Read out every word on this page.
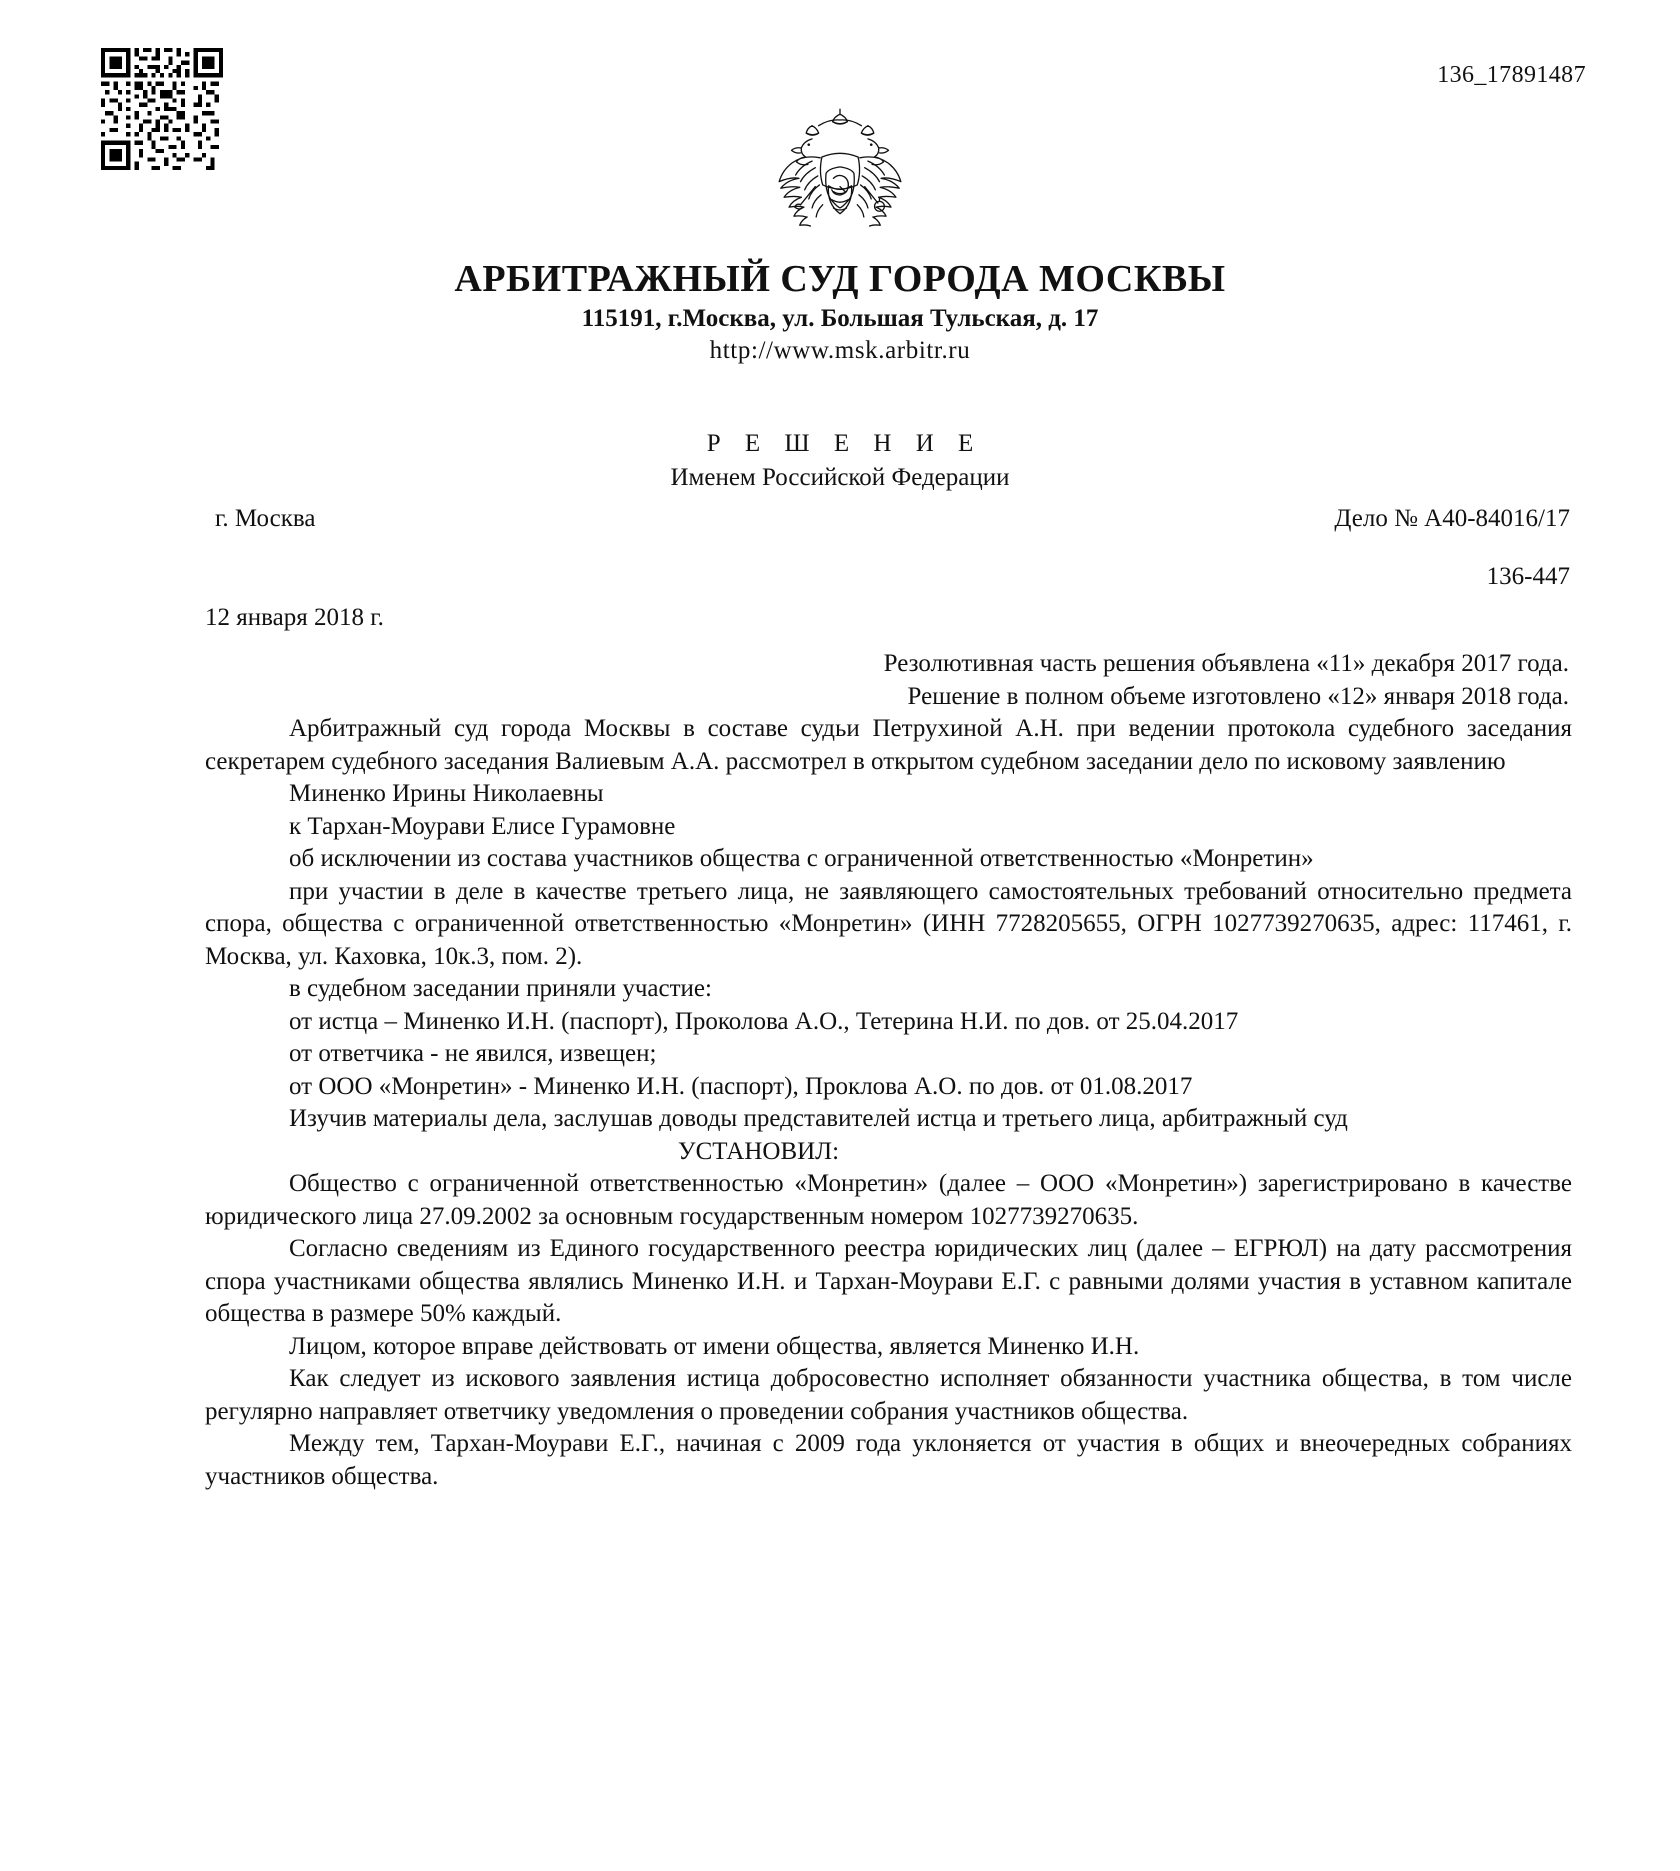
136_17891487
АРБИТРАЖНЫЙ СУД ГОРОДА МОСКВЫ

115191, г.Москва, ул. Большая Тульская, д. 17

http://www.msk.arbitr.ru

Р Е Ш Е Н И Е

Именем Российской Федерации

г. Москва	Дело № A40-84016/17
136-447
12 января 2018 г.

Резолютивная часть решения объявлена «11» декабря 2017 года.

Решение в полном объеме изготовлено «12» января 2018 года.

Арбитражный суд города Москвы в составе судьи Петрухиной А.Н. при ведении протокола судебного заседания секретарем судебного заседания Валиевым А.А. рассмотрел в открытом судебном заседании дело по исковому заявлению

Миненко Ирины Николаевны

к Тархан-Моурави Елисе Гурамовне

об исключении из состава участников общества с ограниченной ответственностью «Монретин»

при участии в деле в качестве третьего лица, не заявляющего самостоятельных требований относительно предмета спора, общества с ограниченной ответственностью «Монретин» (ИНН 7728205655, ОГРН 1027739270635, адрес: 117461, г. Москва, ул. Каховка, 10к.3, пом. 2).

в судебном заседании приняли участие:

от истца – Миненко И.Н. (паспорт), Проколова А.О., Тетерина Н.И. по дов. от 25.04.2017

от ответчика - не явился, извещен;

от ООО «Монретин» - Миненко И.Н. (паспорт), Проклова А.О. по дов. от 01.08.2017

Изучив материалы дела, заслушав доводы представителей истца и третьего лица, арбитражный суд

УСТАНОВИЛ:

Общество с ограниченной ответственностью «Монретин» (далее – ООО «Монретин») зарегистрировано в качестве юридического лица 27.09.2002 за основным государственным номером 1027739270635.

Согласно сведениям из Единого государственного реестра юридических лиц (далее – ЕГРЮЛ) на дату рассмотрения спора участниками общества являлись Миненко И.Н. и Тархан-Моурави Е.Г. с равными долями участия в уставном капитале общества в размере 50% каждый.

Лицом, которое вправе действовать от имени общества, является Миненко И.Н.

Как следует из искового заявления истица добросовестно исполняет обязанности участника общества, в том числе регулярно направляет ответчику уведомления о проведении собрания участников общества.

Между тем, Тархан-Моурави Е.Г., начиная с 2009 года уклоняется от участия в общих и внеочередных собраниях участников общества.
